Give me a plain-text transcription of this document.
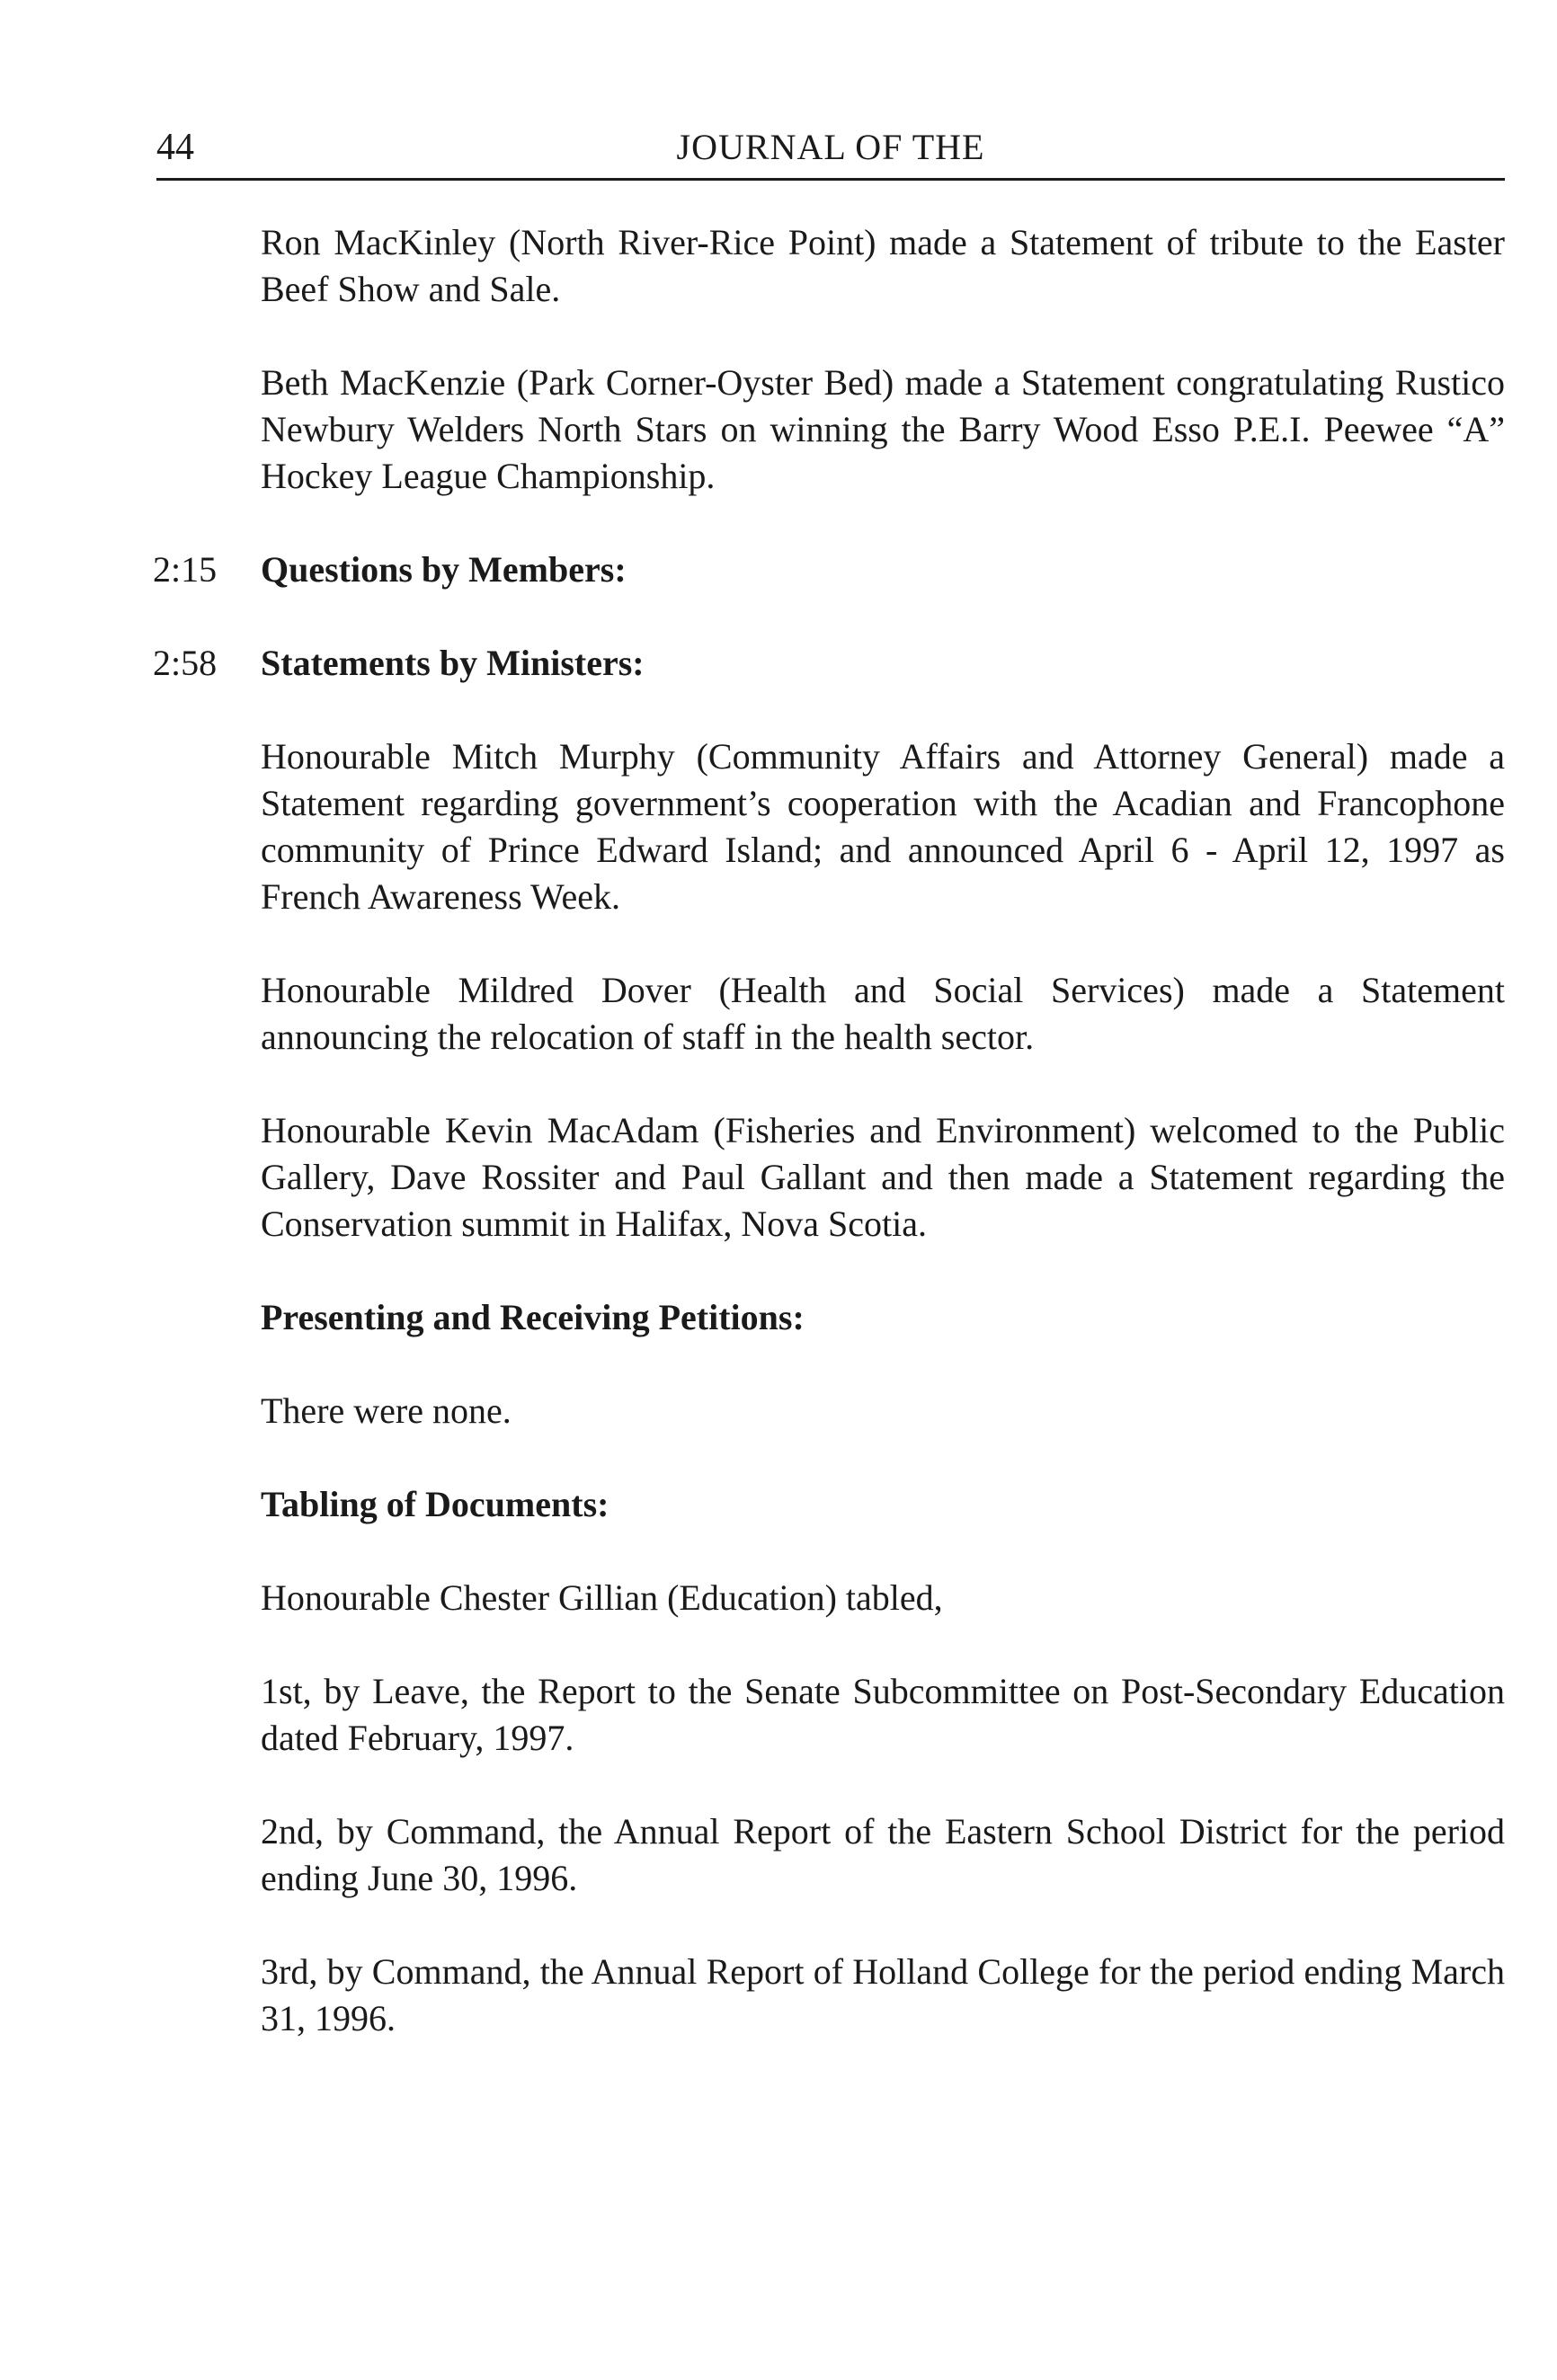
44	JOURNAL OF THE

Ron MacKinley (North River-Rice Point) made a Statement of tribute to the Easter Beef Show and Sale.

Beth MacKenzie (Park Corner-Oyster Bed) made a Statement congratulating Rustico Newbury Welders North Stars on winning the Barry Wood Esso P.E.I. Peewee “A” Hockey League Championship.

2:15 Questions by Members:

2:58 Statements by Ministers:

Honourable Mitch Murphy (Community Affairs and Attorney General) made a Statement regarding government’s cooperation with the Acadian and Francophone community of Prince Edward Island; and announced April 6 - April 12, 1997 as French Awareness Week.

Honourable Mildred Dover (Health and Social Services) made a Statement announcing the relocation of staff in the health sector.

Honourable Kevin MacAdam (Fisheries and Environment) welcomed to the Public Gallery, Dave Rossiter and Paul Gallant and then made a Statement regarding the Conservation summit in Halifax, Nova Scotia.

Presenting and Receiving Petitions:

There were none.

Tabling of Documents:

Honourable Chester Gillian (Education) tabled,

1st, by Leave, the Report to the Senate Subcommittee on Post-Secondary Education dated February, 1997.

2nd, by Command, the Annual Report of the Eastern School District for the period ending June 30, 1996.

3rd, by Command, the Annual Report of Holland College for the period ending March 31, 1996.
